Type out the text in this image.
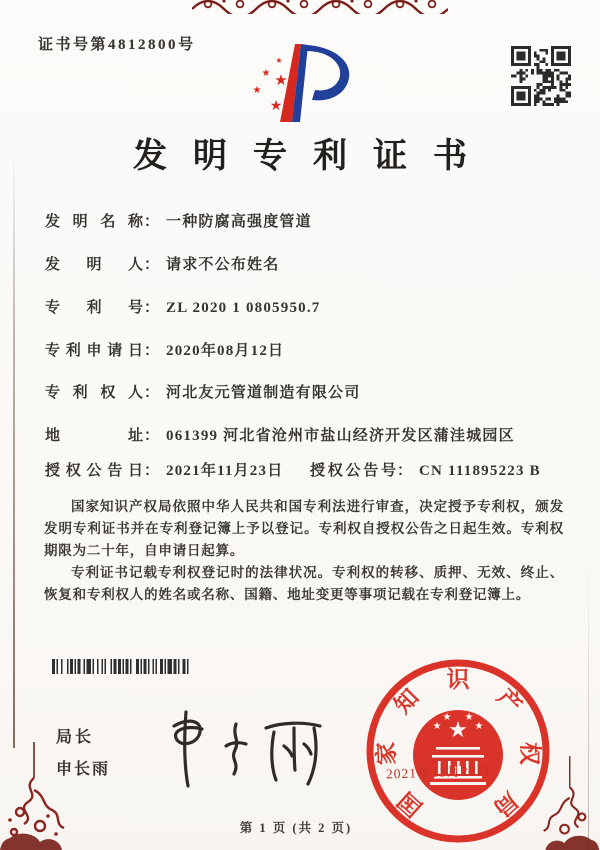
证书号第4812800号
★
★ ★
★
★
发明专利证书
发明名称： 一种防腐高强度管道
发明人： 请求不公布姓名
专利号： ZL 2020 1 0805950.7
专利申请日： 2020年08月12日
专利权人： 河北友元管道制造有限公司
地址： 061399 河北省沧州市盐山经济开发区蒲洼城园区
授权公告日： 2021年11月23日 授权公告号： CN 111895223 B

国家知识产权局依照中华人民共和国专利法进行审查，决定授予专利权，颁发发明专利证书并在专利登记簿上予以登记。专利权自授权公告之日起生效。专利权期限为二十年，自申请日起算。

专利证书记载专利权登记时的法律状况。专利权的转移、质押、无效、终止、恢复和专利权人的姓名或名称、国籍、地址变更等事项记载在专利登记簿上。

局长
申长雨
国
家
知
识
产
权
局
★
★
★ ★
★
2021年11月23日
第 1 页 (共 2 页)
